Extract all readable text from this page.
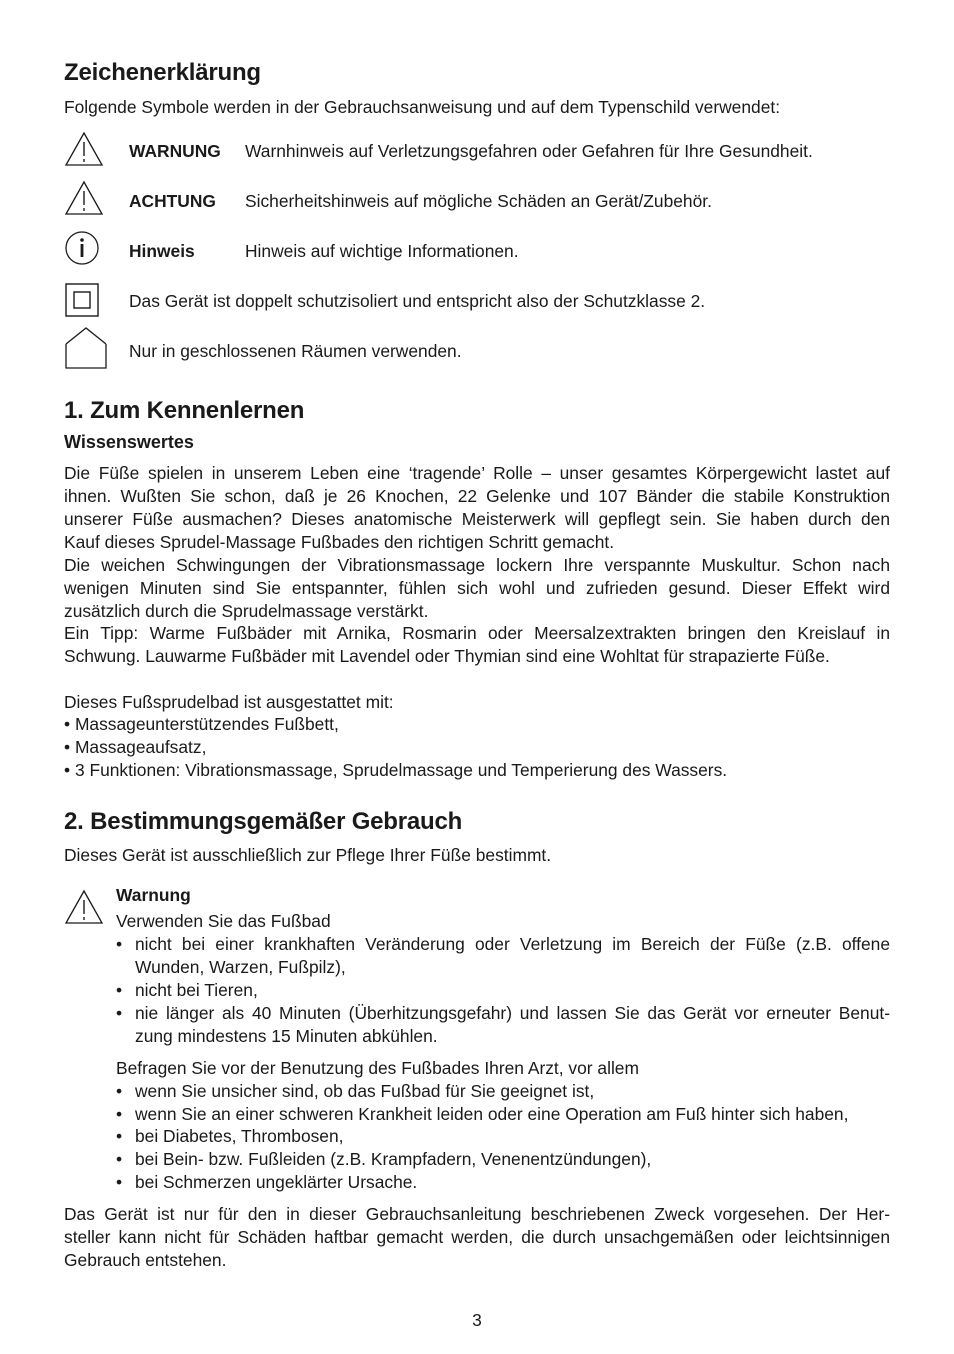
Zeichenerklärung
Folgende Symbole werden in der Gebrauchsanweisung und auf dem Typenschild verwendet:
WARNUNG Warnhinweis auf Verletzungsgefahren oder Gefahren für Ihre Gesundheit.
ACHTUNG Sicherheitshinweis auf mögliche Schäden an Gerät/Zubehör.
Hinweis	Hinweis auf wichtige Informationen.
Das Gerät ist doppelt schutzisoliert und entspricht also der Schutzklasse 2.
Nur in geschlossenen Räumen verwenden.
1. Zum Kennenlernen
Wissenswertes
Die Füße spielen in unserem Leben eine ‘tragende’ Rolle – unser gesamtes Körpergewicht lastet auf
ihnen. Wußten Sie schon, daß je 26 Knochen, 22 Gelenke und 107 Bänder die stabile Konstruktion
unserer Füße ausmachen? Dieses anatomische Meisterwerk will gepflegt sein. Sie haben durch den
Kauf dieses Sprudel-Massage Fußbades den richtigen Schritt gemacht.
Die weichen Schwingungen der Vibrationsmassage lockern Ihre verspannte Muskultur. Schon nach
wenigen Minuten sind Sie entspannter, fühlen sich wohl und zufrieden gesund. Dieser Effekt wird
zusätzlich durch die Sprudelmassage verstärkt.
Ein Tipp: Warme Fußbäder mit Arnika, Rosmarin oder Meersalzextrakten bringen den Kreislauf in
Schwung. Lauwarme Fußbäder mit Lavendel oder Thymian sind eine Wohltat für strapazierte Füße.
Dieses Fußsprudelbad ist ausgestattet mit:
• Massageunterstützendes Fußbett,
• Massageaufsatz,
• 3 Funktionen: Vibrationsmassage, Sprudelmassage und Temperierung des Wassers.
2. Bestimmungsgemäßer Gebrauch
Dieses Gerät ist ausschließlich zur Pflege Ihrer Füße bestimmt.
Warnung
Verwenden Sie das Fußbad
• nicht bei einer krankhaften Veränderung oder Verletzung im Bereich der Füße (z.B. offene
Wunden, Warzen, Fußpilz),
• nicht bei Tieren,
• nie länger als 40 Minuten (Überhitzungsgefahr) und lassen Sie das Gerät vor erneuter Benut-
zung mindestens 15 Minuten abkühlen.
Befragen Sie vor der Benutzung des Fußbades Ihren Arzt, vor allem
• wenn Sie unsicher sind, ob das Fußbad für Sie geeignet ist,
• wenn Sie an einer schweren Krankheit leiden oder eine Operation am Fuß hinter sich haben,
• bei Diabetes, Thrombosen,
• bei Bein- bzw. Fußleiden (z.B. Krampfadern, Venenentzündungen),
• bei Schmerzen ungeklärter Ursache.
Das Gerät ist nur für den in dieser Gebrauchsanleitung beschriebenen Zweck vorgesehen. Der Her-
steller kann nicht für Schäden haftbar gemacht werden, die durch unsachgemäßen oder leichtsinnigen
Gebrauch entstehen.
3
